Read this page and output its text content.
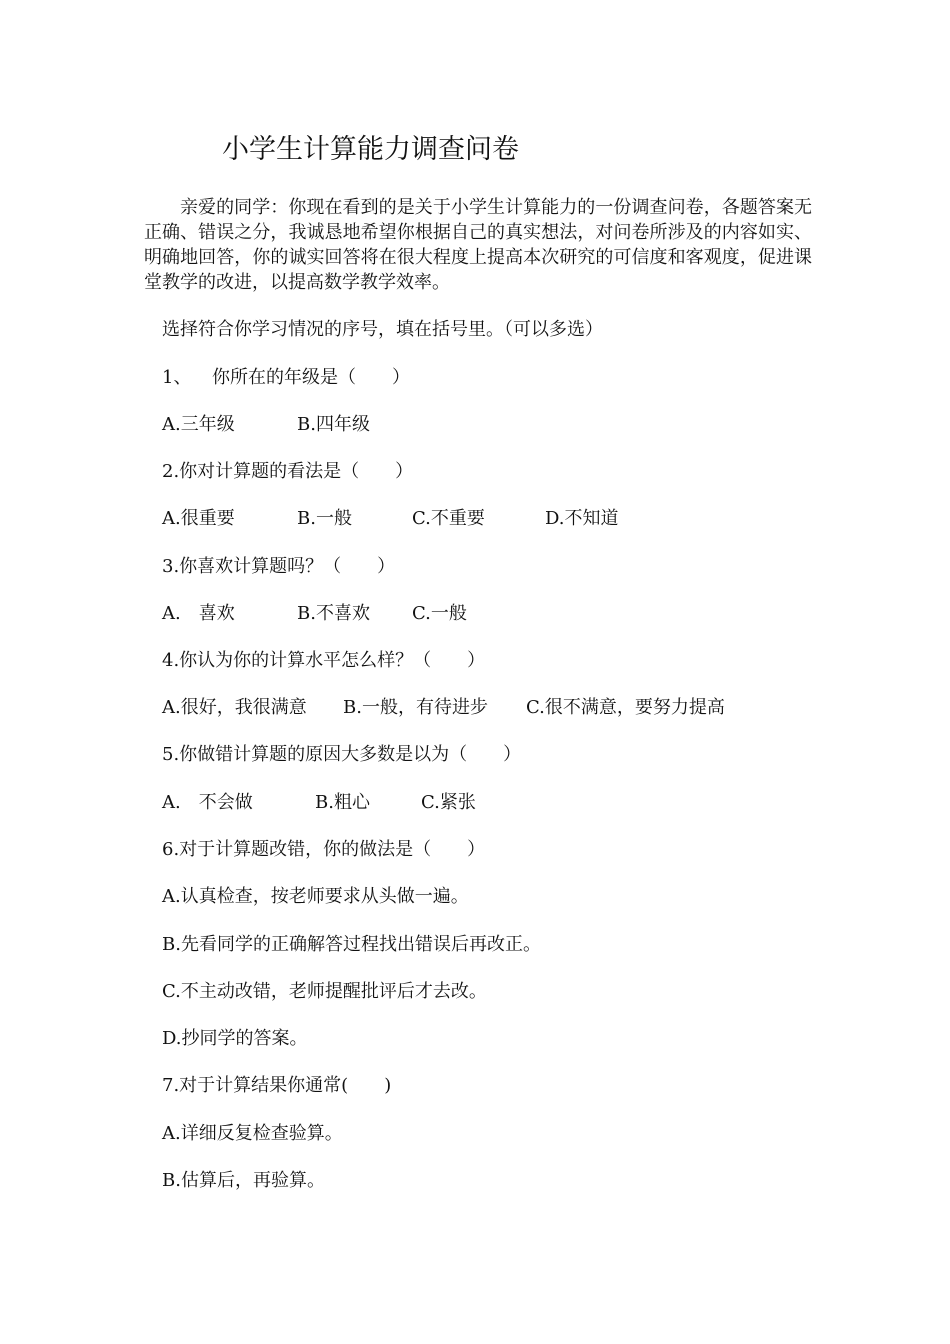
小学生计算能力调查问卷
亲爱的同学：你现在看到的是关于小学生计算能力的一份调查问卷，各题答案无正确、错误之分，我诚恳地希望你根据自己的真实想法，对问卷所涉及的内容如实、明确地回答，你的诚实回答将在很大程度上提高本次研究的可信度和客观度，促进课堂教学的改进，以提高数学教学效率。
选择符合你学习情况的序号，填在括号里。（可以多选）
1、 你所在的年级是（　　）
A.三年级	B.四年级
2.你对计算题的看法是（　　）
A.很重要	B.一般	C.不重要	D.不知道
3.你喜欢计算题吗？（　　）
A.　喜欢	B.不喜欢 C.一般
4.你认为你的计算水平怎么样？（　　）
A.很好，我很满意 B.一般，有待进步 C.很不满意，要努力提高
5.你做错计算题的原因大多数是以为（　　）
A.　不会做	B.粗心	C.紧张
6.对于计算题改错，你的做法是（　　）
A.认真检查，按老师要求从头做一遍。
B.先看同学的正确解答过程找出错误后再改正。
C.不主动改错，老师提醒批评后才去改。
D.抄同学的答案。
7.对于计算结果你通常(　　)
A.详细反复检查验算。
B.估算后，再验算。
